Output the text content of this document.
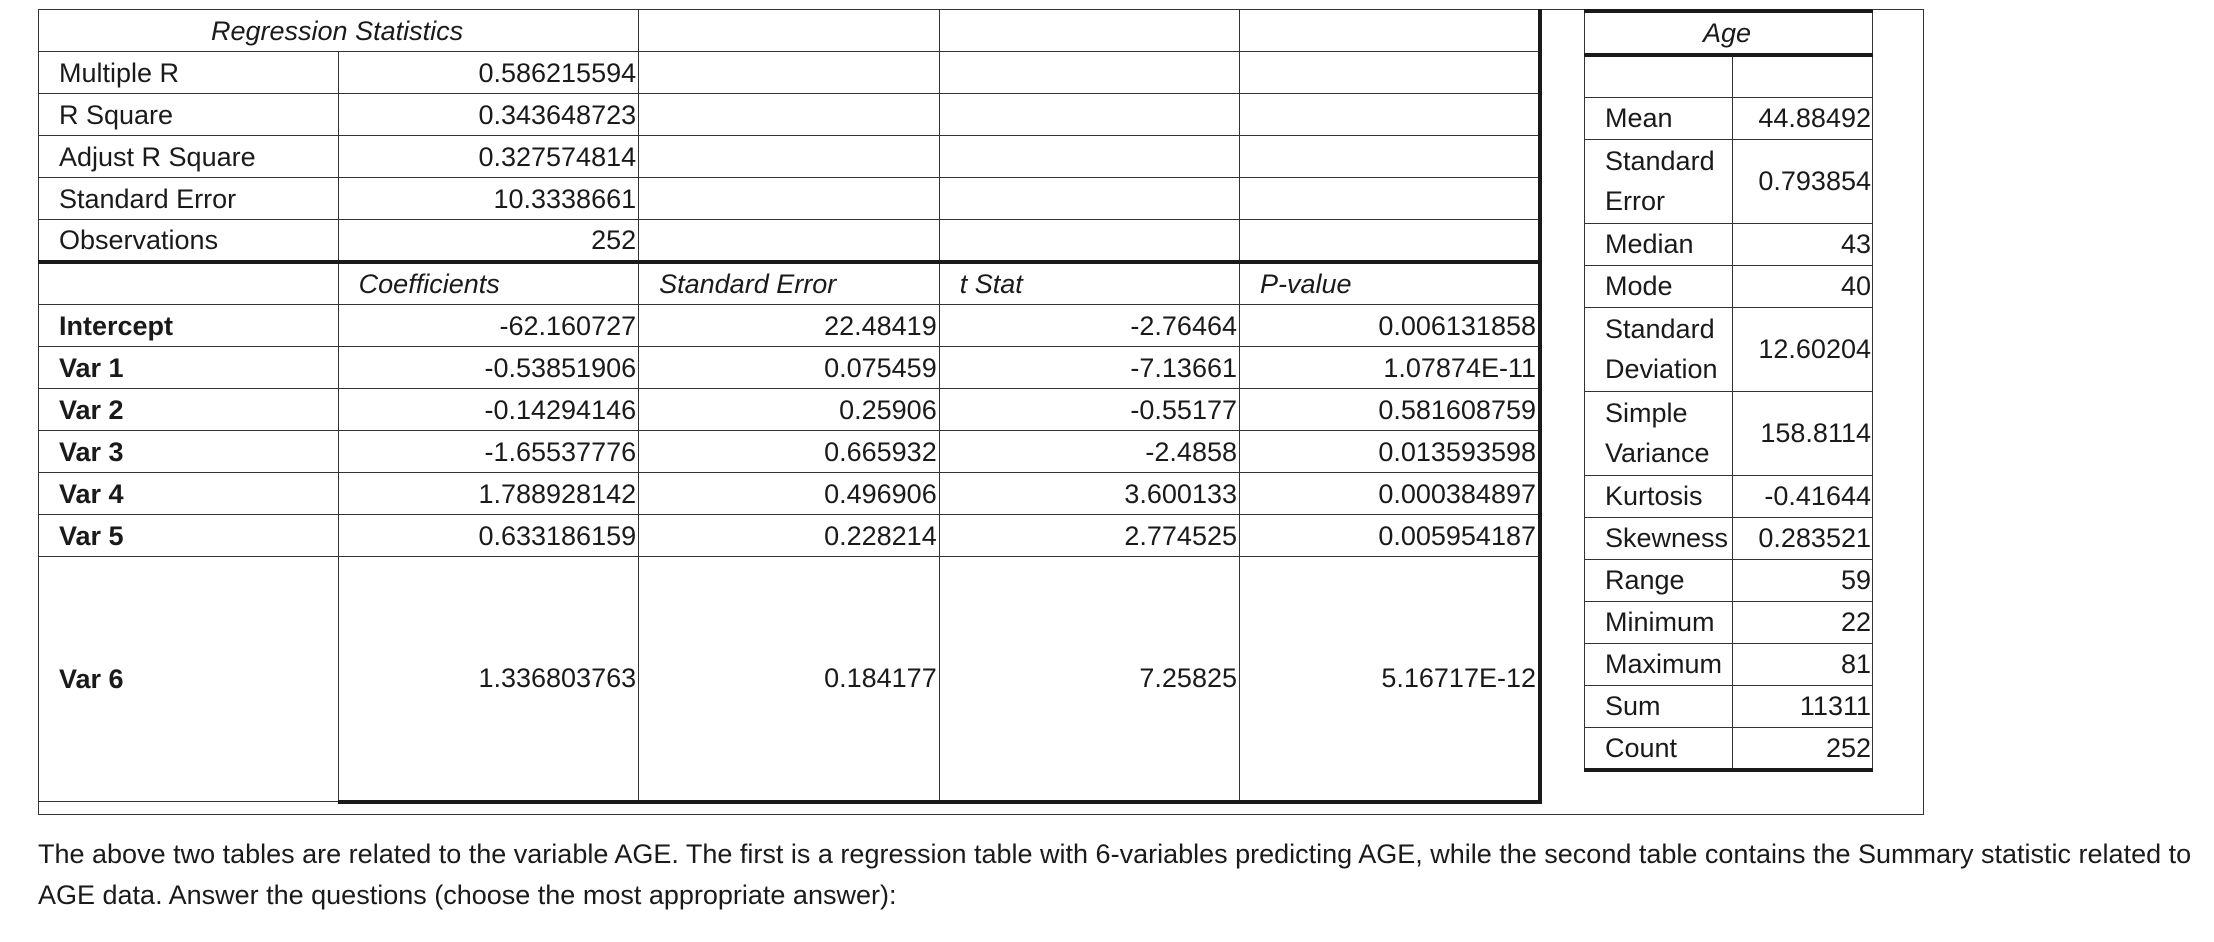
Regression Statistics				
Multiple R	0.586215594			
R Square	0.343648723			
Adjust R Square	0.327574814			
Standard Error	10.3338661			
Observations	252			
	Coefficients	Standard Error	t Stat	P-value
Intercept	-62.160727	22.48419	-2.76464	0.006131858
Var 1	-0.53851906	0.075459	-7.13661	1.07874E-11
Var 2	-0.14294146	0.25906	-0.55177	0.581608759
Var 3	-1.65537776	0.665932	-2.4858	0.013593598
Var 4	1.788928142	0.496906	3.600133	0.000384897
Var 5	0.633186159	0.228214	2.774525	0.005954187
Var 6	1.336803763	0.184177	7.25825	5.16717E-12
Age	

Mean	44.88492
Standard Error	0.793854
Median	43
Mode	40
Standard Deviation	12.60204
Simple Variance	158.8114
Kurtosis	-0.41644
Skewness	0.283521
Range	59
Minimum	22
Maximum	81
Sum	11311
Count	252
The above two tables are related to the variable AGE. The first is a regression table with 6-variables predicting AGE, while the second table contains the Summary statistic related to AGE data. Answer the questions (choose the most appropriate answer):
